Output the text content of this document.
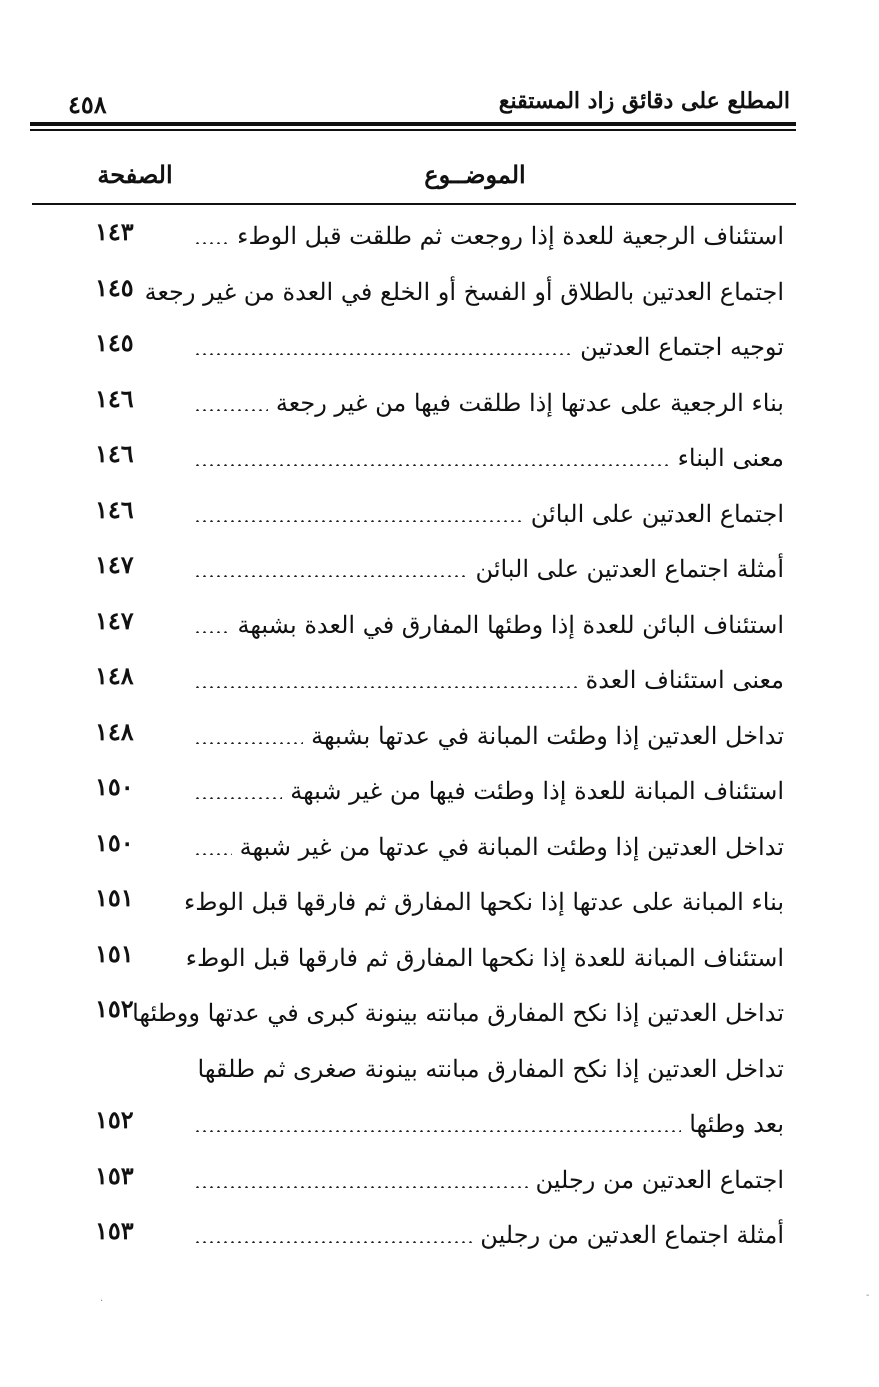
٤٥٨	المطلع على دقائق زاد المستقنع
الصفحة	الموضــوع
استئناف الرجعية للعدة إذا روجعت ثم طلقت قبل الوطء
١٤٣
اجتماع العدتين بالطلاق أو الفسخ أو الخلع في العدة من غير رجعة
١٤٥
توجيه اجتماع العدتين
١٤٥
بناء الرجعية على عدتها إذا طلقت فيها من غير رجعة
١٤٦
معنى البناء
١٤٦
اجتماع العدتين على البائن
١٤٦
أمثلة اجتماع العدتين على البائن
١٤٧
استئناف البائن للعدة إذا وطئها المفارق في العدة بشبهة
١٤٧
معنى استئناف العدة
١٤٨
تداخل العدتين إذا وطئت المبانة في عدتها بشبهة
١٤٨
استئناف المبانة للعدة إذا وطئت فيها من غير شبهة
١٥٠
تداخل العدتين إذا وطئت المبانة في عدتها من غير شبهة
١٥٠
بناء المبانة على عدتها إذا نكحها المفارق ثم فارقها قبل الوطء
١٥١
استئناف المبانة للعدة إذا نكحها المفارق ثم فارقها قبل الوطء
١٥١
تداخل العدتين إذا نكح المفارق مبانته بينونة كبرى في عدتها ووطئها
١٥٢
تداخل العدتين إذا نكح المفارق مبانته بينونة صغرى ثم طلقها
بعد وطئها
١٥٢
اجتماع العدتين من رجلين
١٥٣
أمثلة اجتماع العدتين من رجلين
١٥٣
·
-
